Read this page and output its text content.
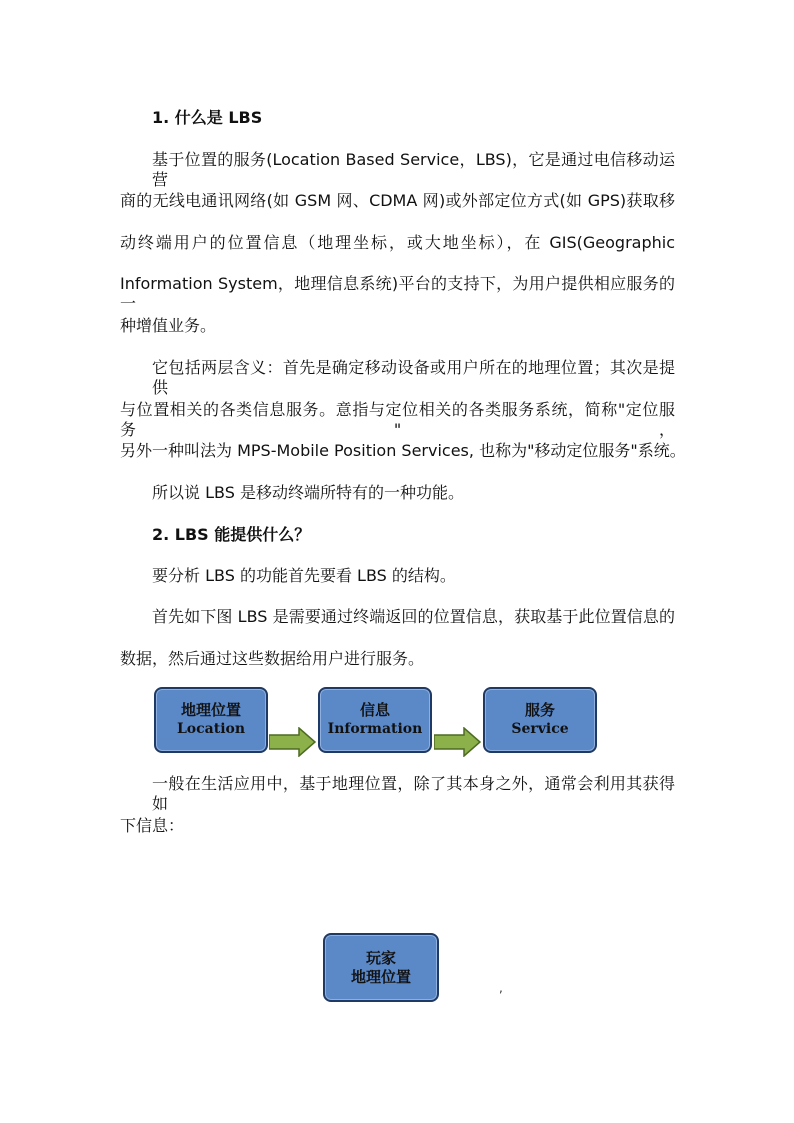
1. 什么是 LBS
基于位置的服务(Location Based Service，LBS)，它是通过电信移动运营
商的无线电通讯网络(如 GSM 网、CDMA 网)或外部定位方式(如 GPS)获取移
动终端用户的位置信息（地理坐标，或大地坐标），在 GIS(Geographic
Information System，地理信息系统)平台的支持下，为用户提供相应服务的一
种增值业务。
它包括两层含义：首先是确定移动设备或用户所在的地理位置；其次是提供
与位置相关的各类信息服务。意指与定位相关的各类服务系统，简称"定位服务"，
另外一种叫法为 MPS-Mobile Position Services, 也称为"移动定位服务"系统。
所以说 LBS 是移动终端所特有的一种功能。
2. LBS 能提供什么？
要分析 LBS 的功能首先要看 LBS 的结构。
首先如下图 LBS 是需要通过终端返回的位置信息，获取基于此位置信息的
数据，然后通过这些数据给用户进行服务。
地理位置
Location
信息
Information
服务
Service
一般在生活应用中，基于地理位置，除了其本身之外，通常会利用其获得如
下信息：
玩家
地理位置
,
